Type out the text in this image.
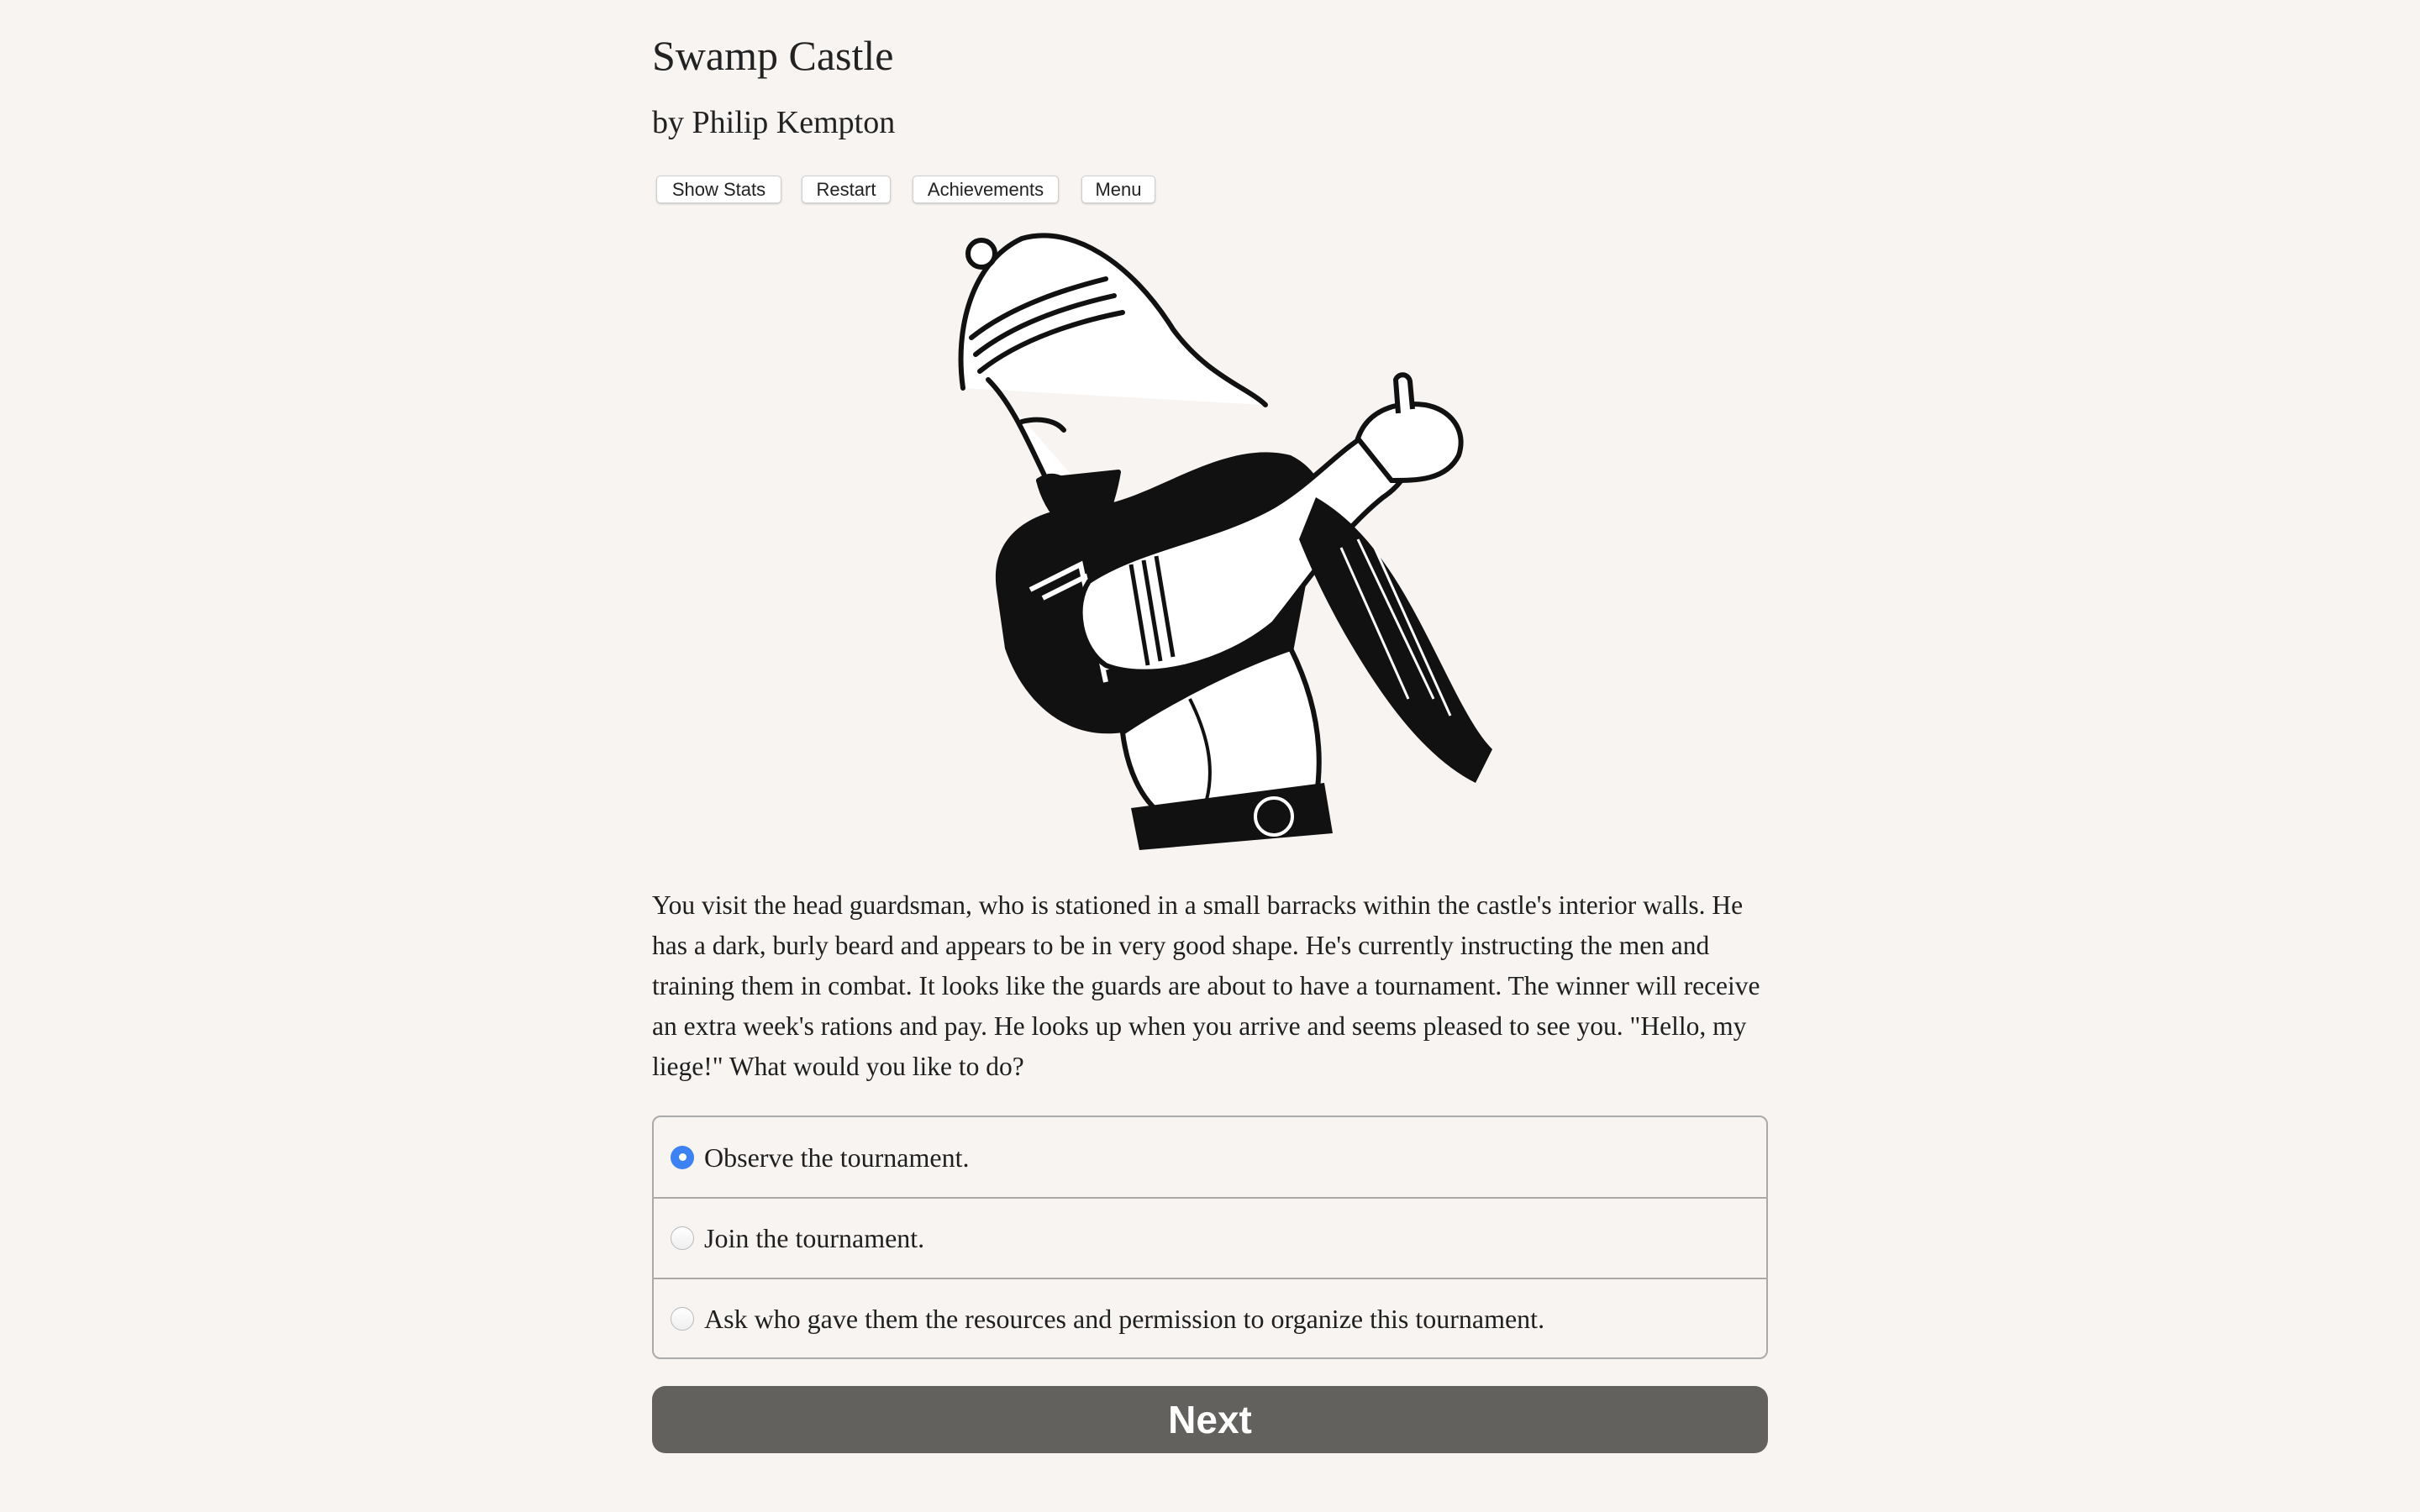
Swamp Castle
by Philip Kempton
Show Stats	Restart	Achievements	Menu

You visit the head guardsman, who is stationed in a small barracks within the castle's interior walls. He has a dark, burly beard and appears to be in very good shape. He's currently instructing the men and training them in combat. It looks like the guards are about to have a tournament. The winner will receive an extra week's rations and pay. He looks up when you arrive and seems pleased to see you. "Hello, my liege!" What would you like to do?

Observe the tournament.
Join the tournament.
Ask who gave them the resources and permission to organize this tournament.
Next
